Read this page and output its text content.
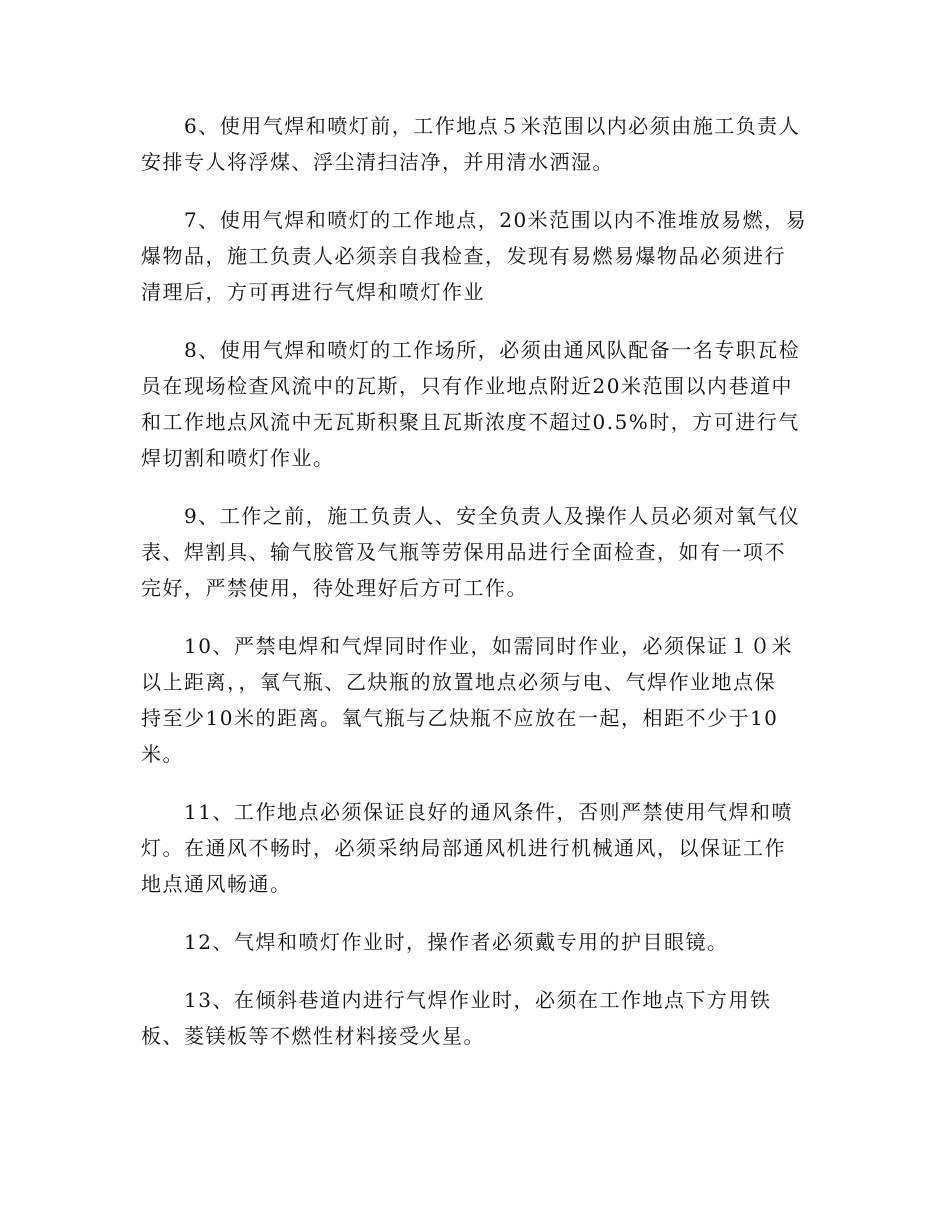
6、使用气焊和喷灯前，工作地点５米范围以内必须由施工负责人
安排专人将浮煤、浮尘清扫洁净，并用清水洒湿。

7、使用气焊和喷灯的工作地点，20米范围以内不准堆放易燃，易
爆物品，施工负责人必须亲自我检查，发现有易燃易爆物品必须进行
清理后，方可再进行气焊和喷灯作业

8、使用气焊和喷灯的工作场所，必须由通风队配备一名专职瓦检
员在现场检查风流中的瓦斯，只有作业地点附近20米范围以内巷道中
和工作地点风流中无瓦斯积聚且瓦斯浓度不超过0.5%时，方可进行气
焊切割和喷灯作业。

9、工作之前，施工负责人、安全负责人及操作人员必须对氧气仪
表、焊割具、输气胶管及气瓶等劳保用品进行全面检查，如有一项不
完好，严禁使用，待处理好后方可工作。

10、严禁电焊和气焊同时作业，如需同时作业，必须保证１０米
以上距离，，氧气瓶、乙炔瓶的放置地点必须与电、气焊作业地点保
持至少10米的距离。氧气瓶与乙炔瓶不应放在一起，相距不少于10
米。

11、工作地点必须保证良好的通风条件，否则严禁使用气焊和喷
灯。在通风不畅时，必须采纳局部通风机进行机械通风，以保证工作
地点通风畅通。

12、气焊和喷灯作业时，操作者必须戴专用的护目眼镜。

13、在倾斜巷道内进行气焊作业时，必须在工作地点下方用铁
板、菱镁板等不燃性材料接受火星。
